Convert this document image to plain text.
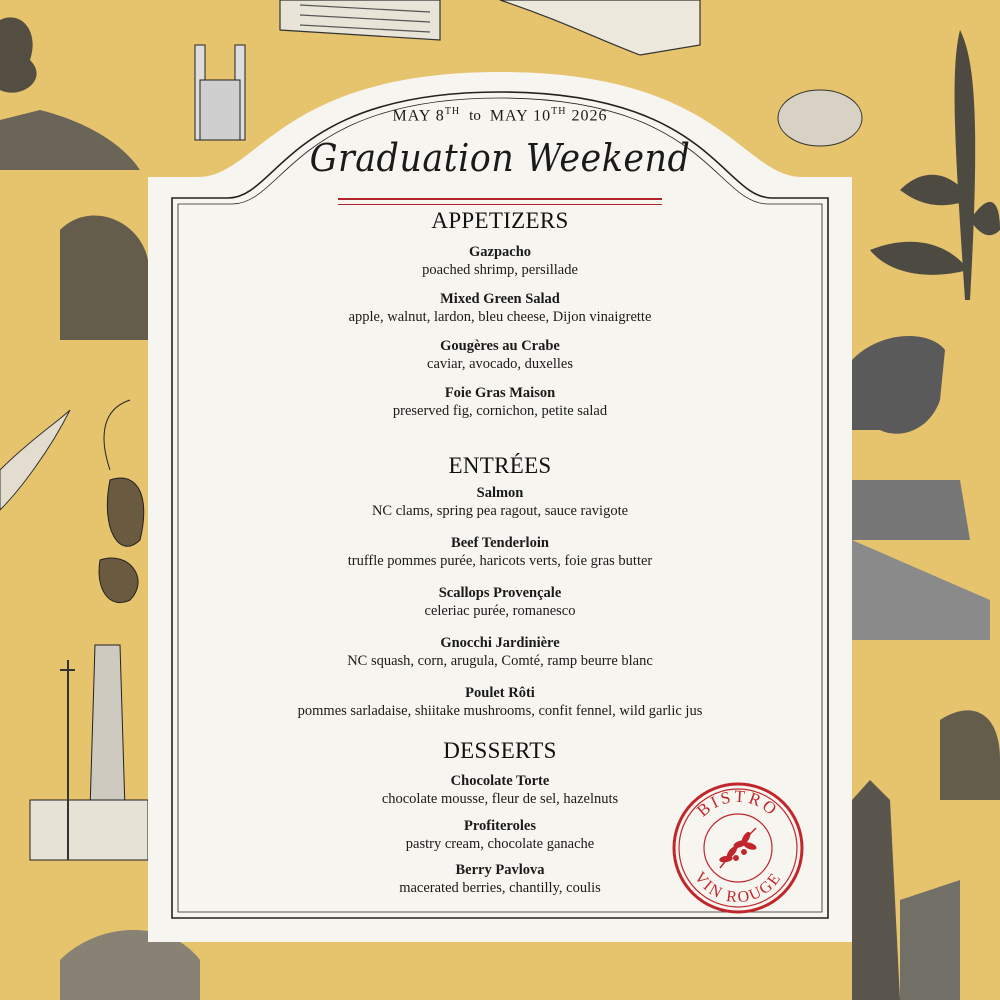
MAY 8TH to MAY 10TH 2026
Graduation Weekend
APPETIZERS
Gazpacho
poached shrimp, persillade
Mixed Green Salad
apple, walnut, lardon, bleu cheese, Dijon vinaigrette
Gougères au Crabe
caviar, avocado, duxelles
Foie Gras Maison
preserved fig, cornichon, petite salad
ENTRÉES
Salmon
NC clams, spring pea ragout, sauce ravigote
Beef Tenderloin
truffle pommes purée, haricots verts, foie gras butter
Scallops Provençale
celeriac purée, romanesco
Gnocchi Jardinière
NC squash, corn, arugula, Comté, ramp beurre blanc
Poulet Rôti
pommes sarladaise, shiitake mushrooms, confit fennel, wild garlic jus
DESSERTS
Chocolate Torte
chocolate mousse, fleur de sel, hazelnuts
Profiteroles
pastry cream, chocolate ganache
Berry Pavlova
macerated berries, chantilly, coulis
BISTRO
VIN ROUGE
